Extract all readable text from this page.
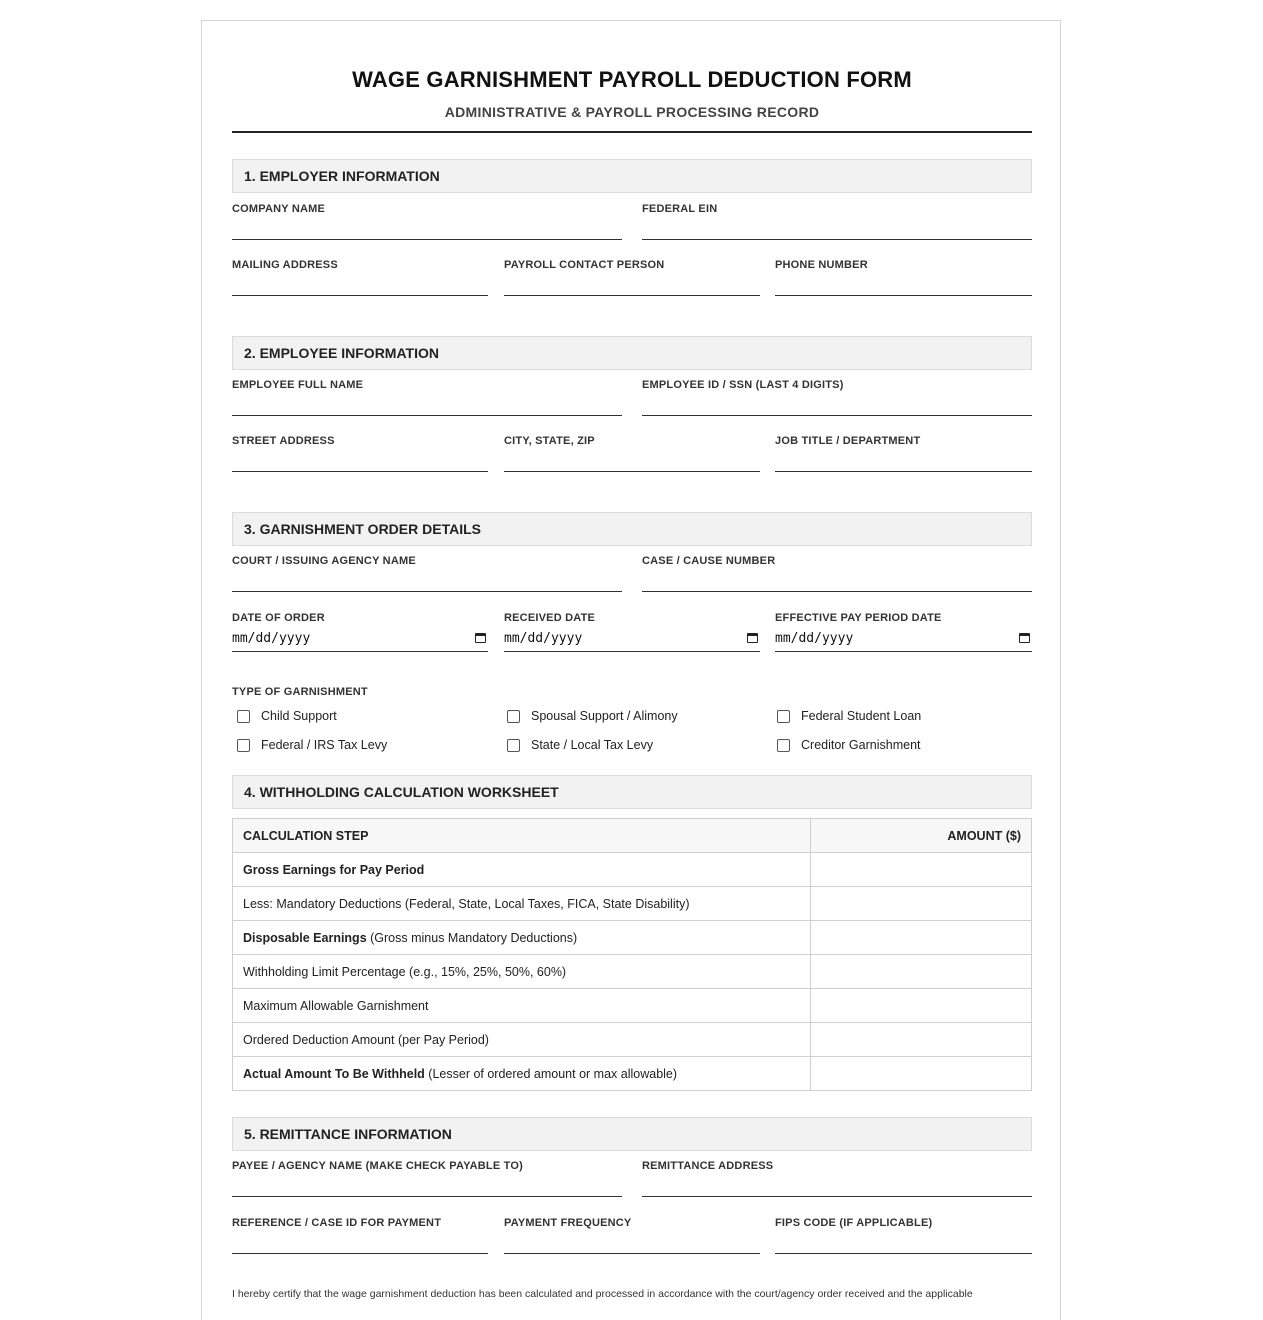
WAGE GARNISHMENT PAYROLL DEDUCTION FORM
ADMINISTRATIVE & PAYROLL PROCESSING RECORD
1. EMPLOYER INFORMATION
COMPANY NAME	FEDERAL EIN
MAILING ADDRESS	PAYROLL CONTACT PERSON	PHONE NUMBER
2. EMPLOYEE INFORMATION
EMPLOYEE FULL NAME	EMPLOYEE ID / SSN (LAST 4 DIGITS)
STREET ADDRESS	CITY, STATE, ZIP	JOB TITLE / DEPARTMENT
3. GARNISHMENT ORDER DETAILS
COURT / ISSUING AGENCY NAME	CASE / CAUSE NUMBER
DATE OF ORDER
mm/dd/yyyy
RECEIVED DATE
mm/dd/yyyy
EFFECTIVE PAY PERIOD DATE
mm/dd/yyyy
TYPE OF GARNISHMENT
Child Support	Spousal Support / Alimony	Federal Student Loan
Federal / IRS Tax Levy	State / Local Tax Levy	Creditor Garnishment
4. WITHHOLDING CALCULATION WORKSHEET
CALCULATION STEP	AMOUNT ($)
Gross Earnings for Pay Period	
Less: Mandatory Deductions (Federal, State, Local Taxes, FICA, State Disability)	
Disposable Earnings (Gross minus Mandatory Deductions)	
Withholding Limit Percentage (e.g., 15%, 25%, 50%, 60%)	
Maximum Allowable Garnishment	
Ordered Deduction Amount (per Pay Period)	
Actual Amount To Be Withheld (Lesser of ordered amount or max allowable)	
5. REMITTANCE INFORMATION
PAYEE / AGENCY NAME (MAKE CHECK PAYABLE TO)	REMITTANCE ADDRESS
REFERENCE / CASE ID FOR PAYMENT	PAYMENT FREQUENCY	FIPS CODE (IF APPLICABLE)
I hereby certify that the wage garnishment deduction has been calculated and processed in accordance with the court/agency order received and the applicable
